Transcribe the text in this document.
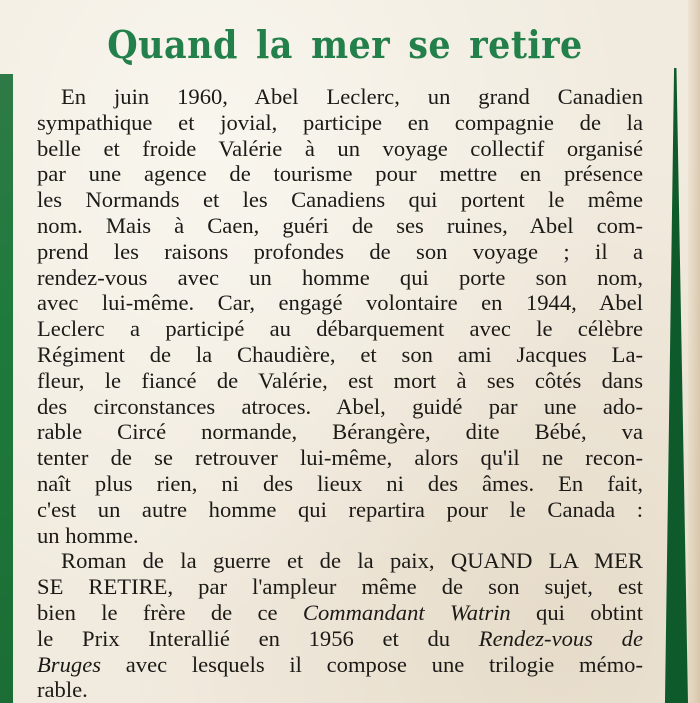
Quand la mer se retire
En juin 1960, Abel Leclerc, un grand Canadien
sympathique et jovial, participe en compagnie de la
belle et froide Valérie à un voyage collectif organisé
par une agence de tourisme pour mettre en présence
les Normands et les Canadiens qui portent le même
nom. Mais à Caen, guéri de ses ruines, Abel com-
prend les raisons profondes de son voyage ; il a
rendez-vous avec un homme qui porte son nom,
avec lui-même. Car, engagé volontaire en 1944, Abel
Leclerc a participé au débarquement avec le célèbre
Régiment de la Chaudière, et son ami Jacques La-
fleur, le fiancé de Valérie, est mort à ses côtés dans
des circonstances atroces. Abel, guidé par une ado-
rable Circé normande, Bérangère, dite Bébé, va
tenter de se retrouver lui-même, alors qu'il ne recon-
naît plus rien, ni des lieux ni des âmes. En fait,
c'est un autre homme qui repartira pour le Canada :
un homme.
Roman de la guerre et de la paix, QUAND LA MER
SE RETIRE, par l'ampleur même de son sujet, est
bien le frère de ce Commandant Watrin qui obtint
le Prix Interallié en 1956 et du Rendez-vous de
Bruges avec lesquels il compose une trilogie mémo-
rable.
